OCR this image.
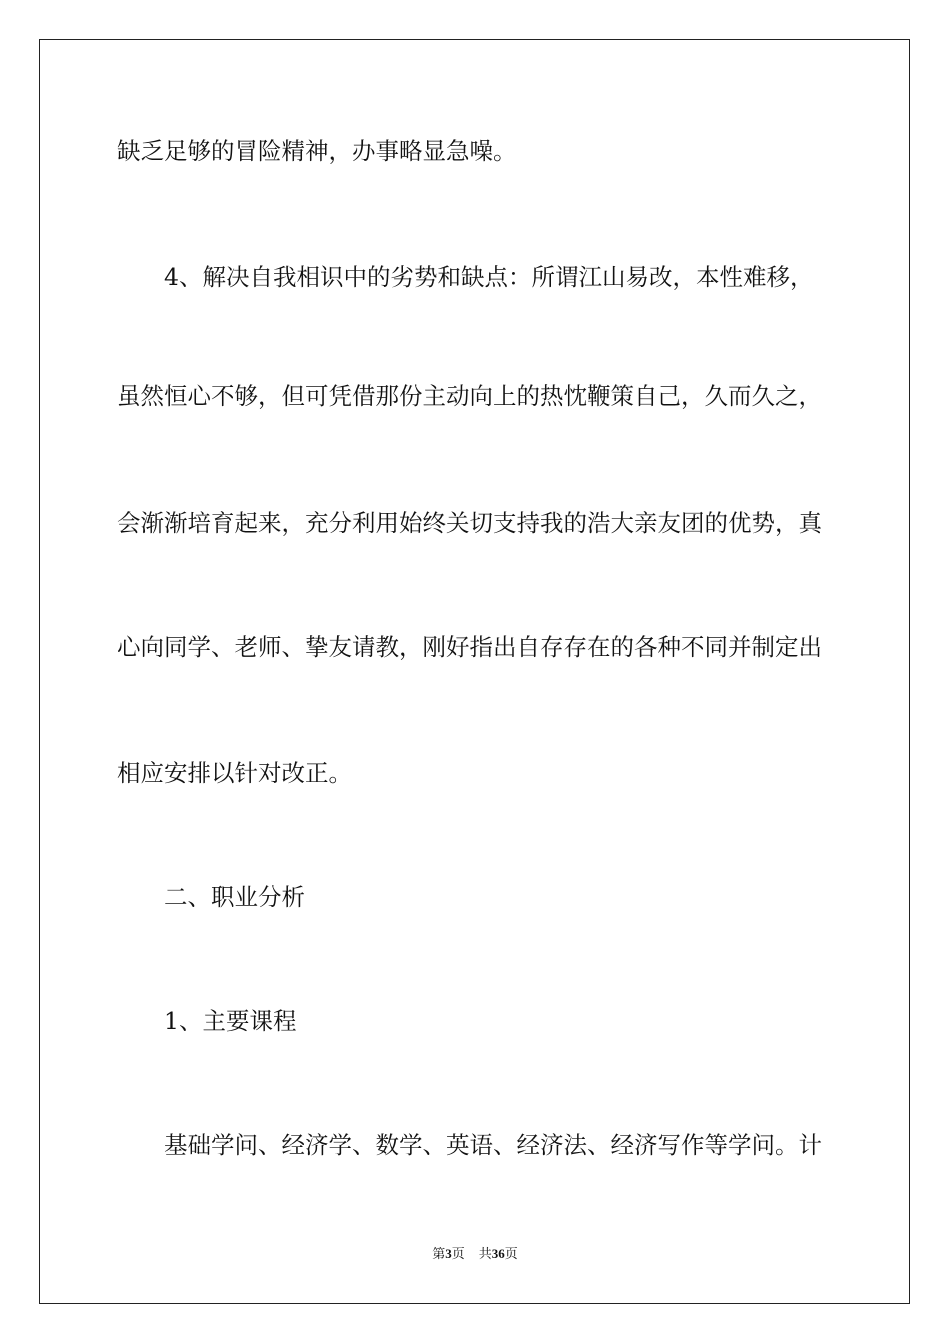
缺乏足够的冒险精神，办事略显急噪。

4、解决自我相识中的劣势和缺点：所谓江山易改，本性难移，

虽然恒心不够，但可凭借那份主动向上的热忱鞭策自己，久而久之，

会渐渐培育起来，充分利用始终关切支持我的浩大亲友团的优势，真

心向同学、老师、挚友请教，刚好指出自存存在的各种不同并制定出

相应安排以针对改正。

二、职业分析

1、主要课程

基础学问、经济学、数学、英语、经济法、经济写作等学问。计

第3页 共36页
